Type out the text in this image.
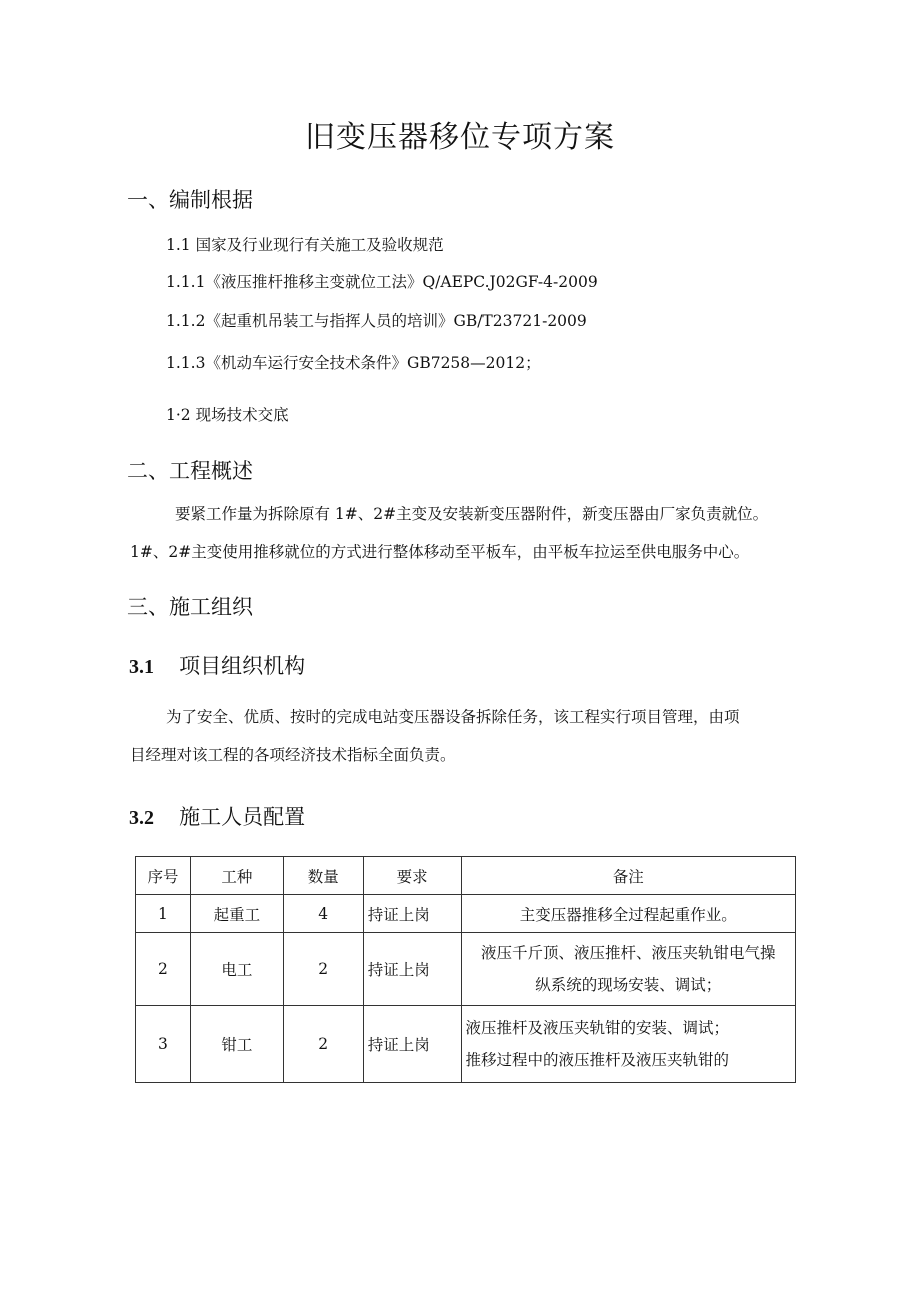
旧变压器移位专项方案
一、编制根据
1.1 国家及行业现行有关施工及验收规范
1.1.1《液压推杆推移主变就位工法》Q/AEPC.J02GF-4-2009
1.1.2《起重机吊装工与指挥人员的培训》GB/T23721-2009
1.1.3《机动车运行安全技术条件》GB7258—2012；
1·2 现场技术交底
二、工程概述
要紧工作量为拆除原有 1#、2#主变及安装新变压器附件，新变压器由厂家负责就位。
1#、2#主变使用推移就位的方式进行整体移动至平板车，由平板车拉运至供电服务中心。
三、施工组织
3.1 项目组织机构
为了安全、优质、按时的完成电站变压器设备拆除任务，该工程实行项目管理，由项
目经理对该工程的各项经济技术指标全面负责。
3.2 施工人员配置
序号	工种	数量	要求	备注
1	起重工	4	持证上岗	主变压器推移全过程起重作业。
2	电工	2	持证上岗	液压千斤顶、液压推杆、液压夹轨钳电气操
纵系统的现场安装、调试；

3	钳工	2	持证上岗	液压推杆及液压夹轨钳的安装、调试；
推移过程中的液压推杆及液压夹轨钳的
